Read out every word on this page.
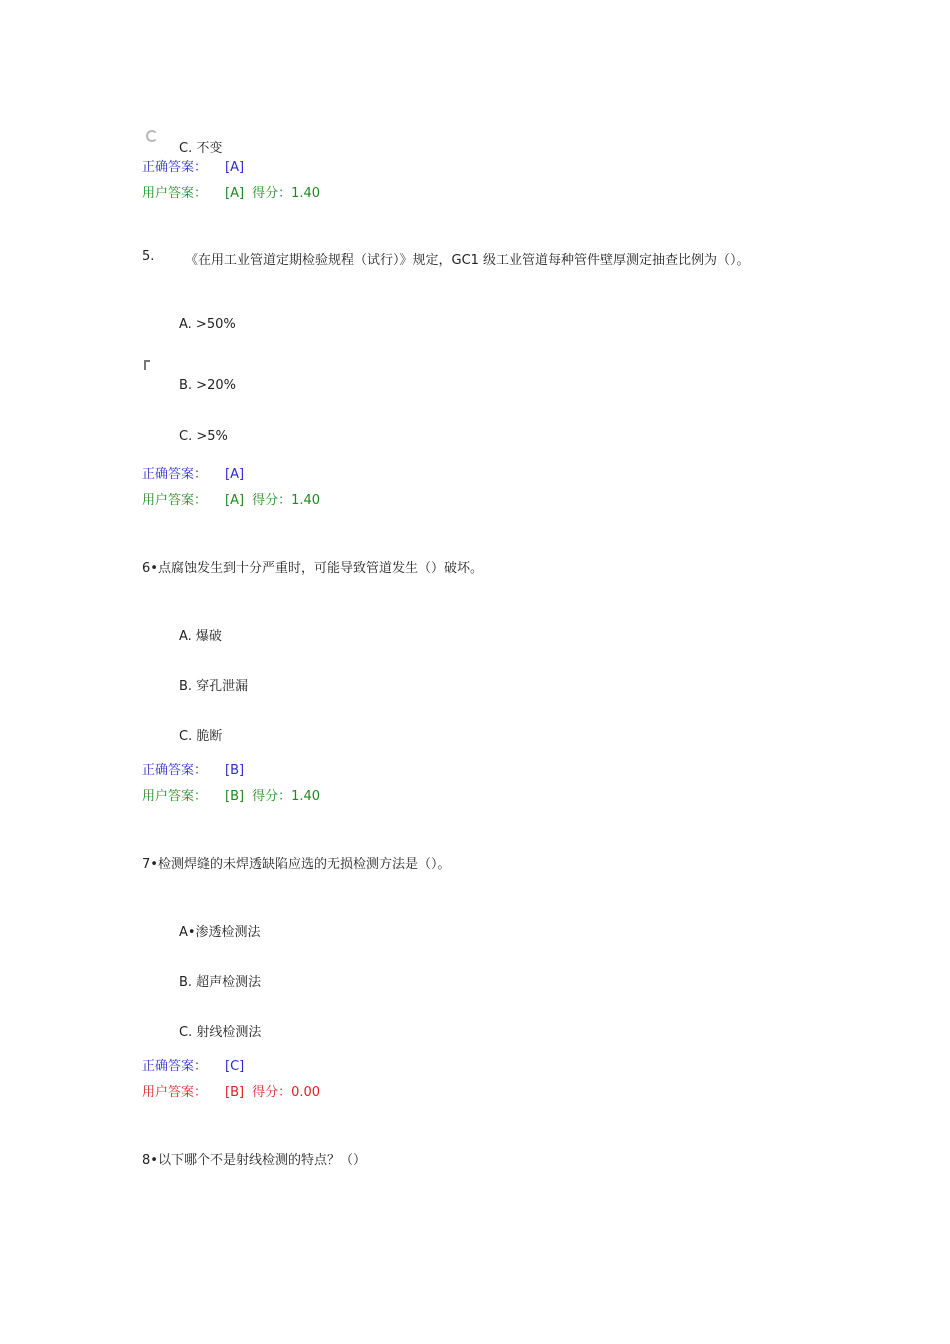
C. 不变
正确答案： [A]
用户答案： [A] 得分：1.40
5. 《在用工业管道定期检验规程（试行）》规定，GC1 级工业管道每种管件壁厚测定抽查比例为（）。
A. >50%
B. >20%
C. >5%
正确答案： [A]
用户答案： [A] 得分：1.40
6•点腐蚀发生到十分严重时，可能导致管道发生（）破坏。
A. 爆破
B. 穿孔泄漏
C. 脆断
正确答案： [B]
用户答案： [B] 得分：1.40
7•检测焊缝的未焊透缺陷应选的无损检测方法是（）。
A•渗透检测法
B. 超声检测法
C. 射线检测法
正确答案： [C]
用户答案： [B] 得分：0.00
8•以下哪个不是射线检测的特点？（）
